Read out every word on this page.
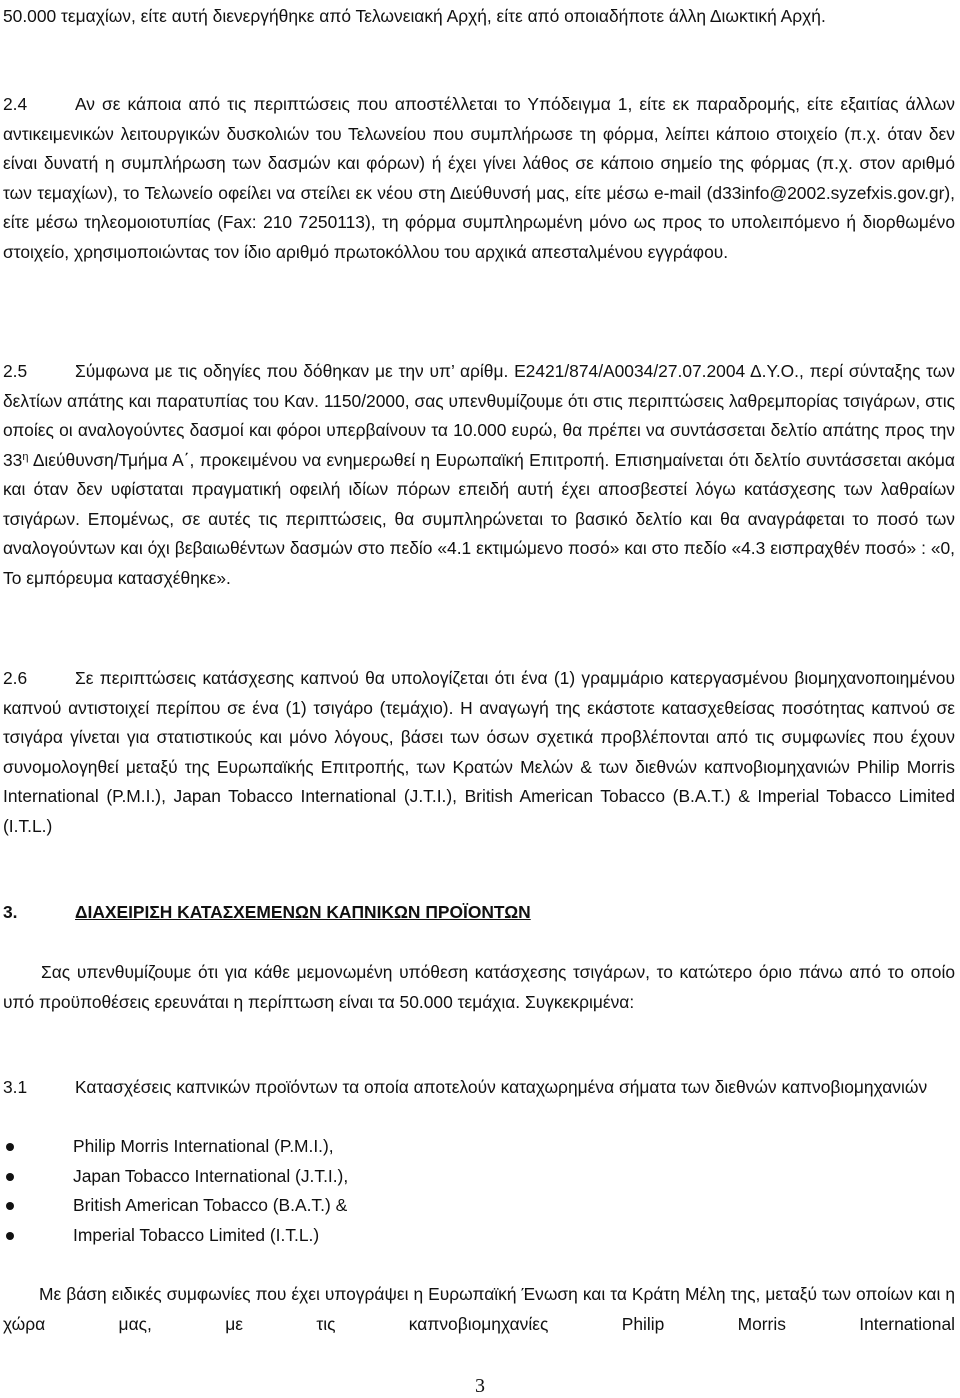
50.000 τεμαχίων, είτε αυτή διενεργήθηκε από Τελωνειακή Αρχή, είτε από οποιαδήποτε άλλη Διωκτική Αρχή.

2.4	Αν σε κάποια από τις περιπτώσεις που αποστέλλεται το Υπόδειγμα 1, είτε εκ παραδρομής, είτε εξαιτίας άλλων αντικειμενικών λειτουργικών δυσκολιών του Τελωνείου που συμπλήρωσε τη φόρμα, λείπει κάποιο στοιχείο (π.χ. όταν δεν είναι δυνατή η συμπλήρωση των δασμών και φόρων) ή έχει γίνει λάθος σε κάποιο σημείο της φόρμας (π.χ. στον αριθμό των τεμαχίων), το Τελωνείο οφείλει να στείλει εκ νέου στη Διεύθυνσή μας, είτε μέσω e-mail (d33info@2002.syzefxis.gov.gr), είτε μέσω τηλεομοιοτυπίας (Fax: 210 7250113), τη φόρμα συμπληρωμένη μόνο ως προς το υπολειπόμενο ή διορθωμένο στοιχείο, χρησιμοποιώντας τον ίδιο αριθμό πρωτοκόλλου του αρχικά απεσταλμένου εγγράφου.

2.5	Σύμφωνα με τις οδηγίες που δόθηκαν με την υπ’ αρίθμ. Ε2421/874/Α0034/27.07.2004 Δ.Υ.Ο., περί σύνταξης των δελτίων απάτης και παρατυπίας του Καν. 1150/2000, σας υπενθυμίζουμε ότι στις περιπτώσεις λαθρεμπορίας τσιγάρων, στις οποίες οι αναλογούντες δασμοί και φόροι υπερβαίνουν τα 10.000 ευρώ, θα πρέπει να συντάσσεται δελτίο απάτης προς την $33^\eta$ Διεύθυνση/Τμήμα Α΄, προκειμένου να ενημερωθεί η Ευρωπαϊκή Επιτροπή. Επισημαίνεται ότι δελτίο συντάσσεται ακόμα και όταν δεν υφίσταται πραγματική οφειλή ιδίων πόρων επειδή αυτή έχει αποσβεστεί λόγω κατάσχεσης των λαθραίων τσιγάρων. Επομένως, σε αυτές τις περιπτώσεις, θα συμπληρώνεται το βασικό δελτίο και θα αναγράφεται το ποσό των αναλογούντων και όχι βεβαιωθέντων δασμών στο πεδίο «4.1 εκτιμώμενο ποσό» και στο πεδίο «4.3 εισπραχθέν ποσό» : «0, Το εμπόρευμα κατασχέθηκε».

2.6	Σε περιπτώσεις κατάσχεσης καπνού θα υπολογίζεται ότι ένα (1) γραμμάριο κατεργασμένου βιομηχανοποιημένου καπνού αντιστοιχεί περίπου σε ένα (1) τσιγάρο (τεμάχιο). Η αναγωγή της εκάστοτε κατασχεθείσας ποσότητας καπνού σε τσιγάρα γίνεται για στατιστικούς και μόνο λόγους, βάσει των όσων σχετικά προβλέπονται από τις συμφωνίες που έχουν συνομολογηθεί μεταξύ της Ευρωπαϊκής Επιτροπής, των Κρατών Μελών & των διεθνών καπνοβιομηχανιών Philip Morris International (P.M.I.), Japan Tobacco International (J.T.I.), British American Tobacco (B.A.T.) & Imperial Tobacco Limited (I.T.L.)

3.	ΔΙΑΧΕΙΡΙΣΗ ΚΑΤΑΣΧΕΜΕΝΩΝ ΚΑΠΝΙΚΩΝ ΠΡΟΪΟΝΤΩΝ

Σας υπενθυμίζουμε ότι για κάθε μεμονωμένη υπόθεση κατάσχεσης τσιγάρων, το κατώτερο όριο πάνω από το οποίο υπό προϋποθέσεις ερευνάται η περίπτωση είναι τα 50.000 τεμάχια. Συγκεκριμένα:

3.1	Κατασχέσεις καπνικών προϊόντων τα οποία αποτελούν καταχωρημένα σήματα των διεθνών καπνοβιομηχανιών

Philip Morris International (P.M.I.),
Japan Tobacco International (J.T.I.),
British American Tobacco (B.A.T.) &
Imperial Tobacco Limited (I.T.L.)

Με βάση ειδικές συμφωνίες που έχει υπογράψει η Ευρωπαϊκή Ένωση και τα Κράτη Μέλη της, μεταξύ των οποίων και η χώρα μας, με τις καπνοβιομηχανίες Philip Morris International

3
